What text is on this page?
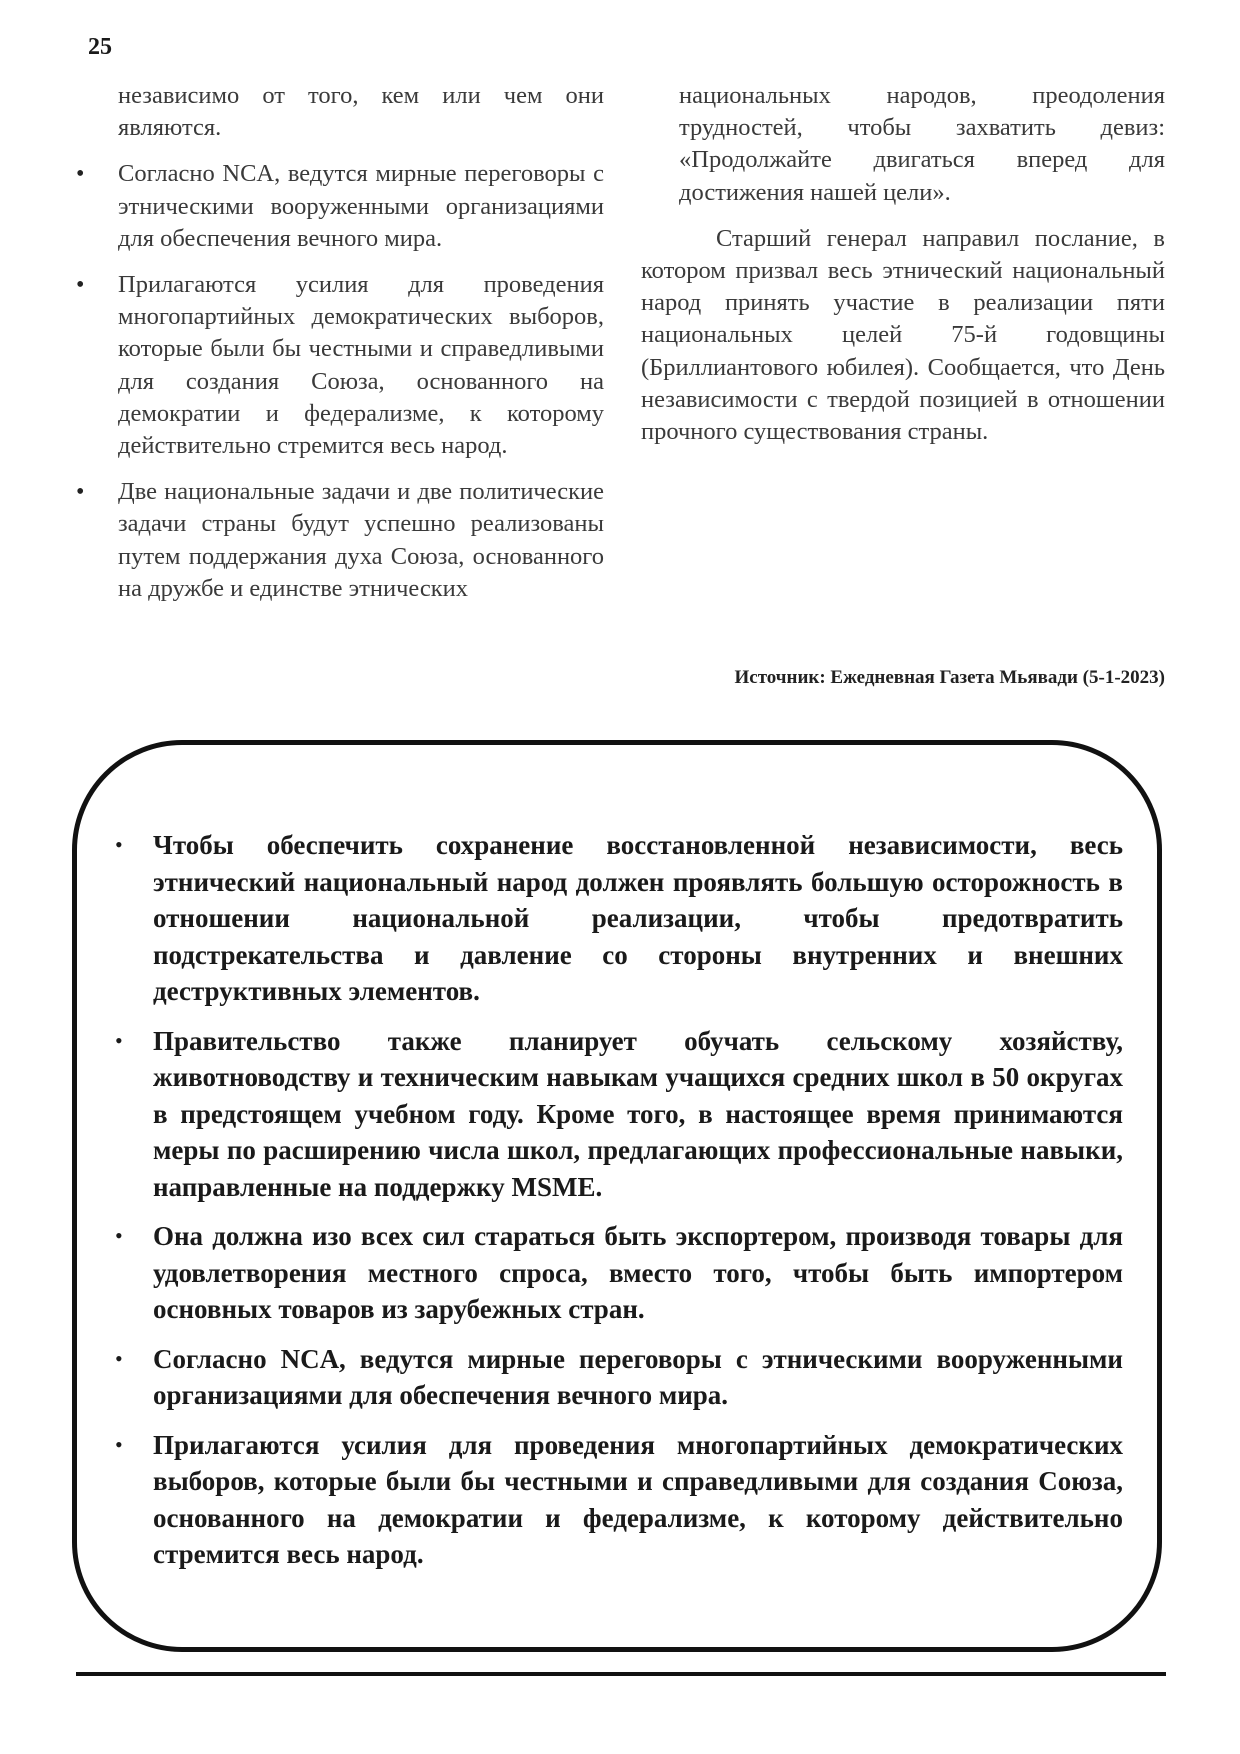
25

независимо от того, кем или чем они являются.

• Согласно NCA, ведутся мирные переговоры с этническими вооруженными организациями для обеспечения вечного мира.
• Прилагаются усилия для проведения многопартийных демократических выборов, которые были бы честными и справедливыми для создания Союза, основанного на демократии и федерализме, к которому действительно стремится весь народ.
• Две национальные задачи и две политические задачи страны будут успешно реализованы путем поддержания духа Союза, основанного на дружбе и единстве этнических

национальных народов, преодоления трудностей, чтобы захватить девиз: «Продолжайте двигаться вперед для достижения нашей цели».

Старший генерал направил послание, в котором призвал весь этнический национальный народ принять участие в реализации пяти национальных целей 75-й годовщины (Бриллиантового юбилея). Сообщается, что День независимости с твердой позицией в отношении прочного существования страны.

Источник: Ежедневная Газета Мьявади (5-1-2023)
• Чтобы обеспечить сохранение восстановленной независимости, весь этнический национальный народ должен проявлять большую осторожность в отношении национальной реализации, чтобы предотвратить подстрекательства и давление со стороны внутренних и внешних деструктивных элементов.
• Правительство также планирует обучать сельскому хозяйству, животноводству и техническим навыкам учащихся средних школ в 50 округах в предстоящем учебном году. Кроме того, в настоящее время принимаются меры по расширению числа школ, предлагающих профессиональные навыки, направленные на поддержку MSME.
• Она должна изо всех сил стараться быть экспортером, производя товары для удовлетворения местного спроса, вместо того, чтобы быть импортером основных товаров из зарубежных стран.
• Согласно NCA, ведутся мирные переговоры с этническими вооруженными организациями для обеспечения вечного мира.
• Прилагаются усилия для проведения многопартийных демократических выборов, которые были бы честными и справедливыми для создания Союза, основанного на демократии и федерализме, к которому действительно стремится весь народ.
